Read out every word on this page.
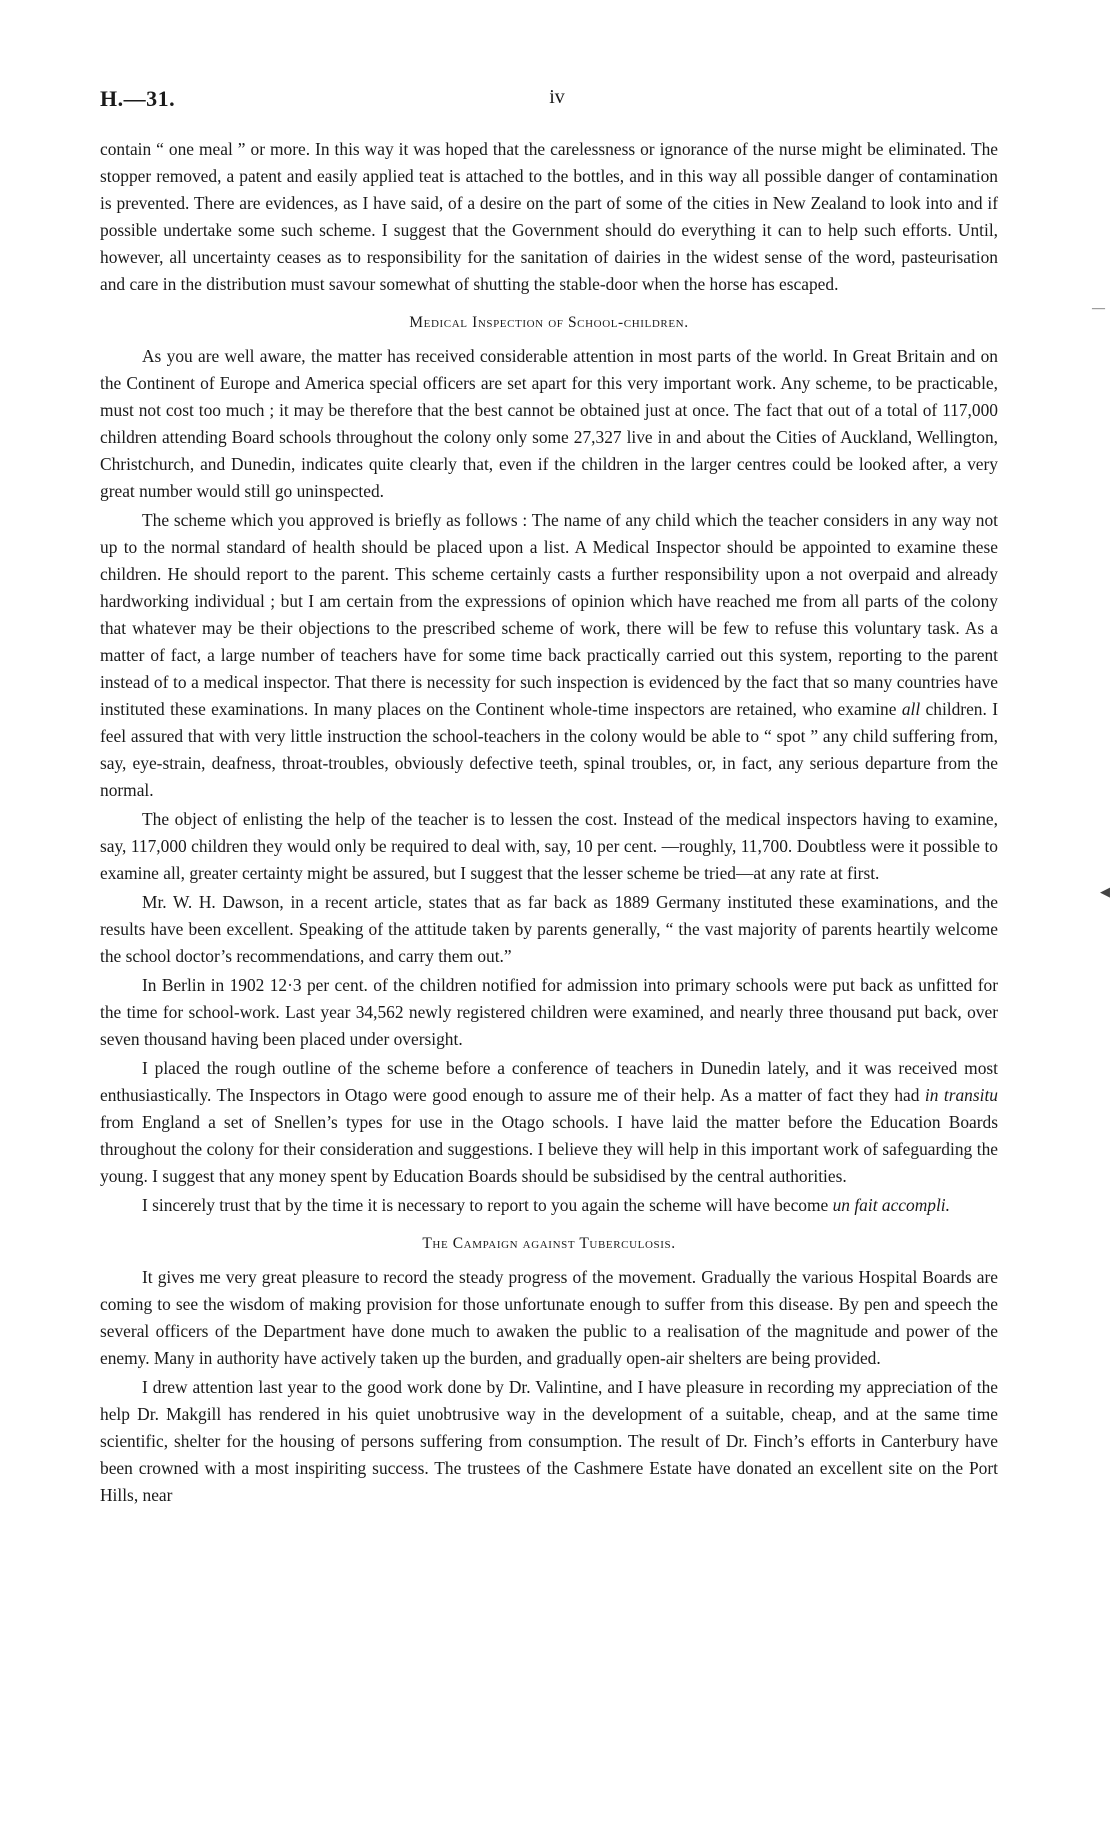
H.—31.	iv

contain “ one meal ” or more. In this way it was hoped that the carelessness or ignorance of the nurse might be eliminated. The stopper removed, a patent and easily applied teat is attached to the bottles, and in this way all possible danger of contamination is prevented. There are evidences, as I have said, of a desire on the part of some of the cities in New Zealand to look into and if possible undertake some such scheme. I suggest that the Government should do everything it can to help such efforts. Until, however, all uncertainty ceases as to responsibility for the sanitation of dairies in the widest sense of the word, pasteurisation and care in the distribution must savour somewhat of shutting the stable-door when the horse has escaped.

Medical Inspection of School-children.

As you are well aware, the matter has received considerable attention in most parts of the world. In Great Britain and on the Continent of Europe and America special officers are set apart for this very important work. Any scheme, to be practicable, must not cost too much ; it may be therefore that the best cannot be obtained just at once. The fact that out of a total of 117,000 children attending Board schools throughout the colony only some 27,327 live in and about the Cities of Auckland, Wellington, Christchurch, and Dunedin, indicates quite clearly that, even if the children in the larger centres could be looked after, a very great number would still go uninspected.

The scheme which you approved is briefly as follows : The name of any child which the teacher considers in any way not up to the normal standard of health should be placed upon a list. A Medical Inspector should be appointed to examine these children. He should report to the parent. This scheme certainly casts a further responsibility upon a not overpaid and already hardworking individual ; but I am certain from the expressions of opinion which have reached me from all parts of the colony that whatever may be their objections to the prescribed scheme of work, there will be few to refuse this voluntary task. As a matter of fact, a large number of teachers have for some time back practically carried out this system, reporting to the parent instead of to a medical inspector. That there is necessity for such inspection is evidenced by the fact that so many countries have instituted these examinations. In many places on the Continent whole-time inspectors are retained, who examine all children. I feel assured that with very little instruction the school-teachers in the colony would be able to “ spot ” any child suffering from, say, eye-strain, deafness, throat-troubles, obviously defective teeth, spinal troubles, or, in fact, any serious departure from the normal.

The object of enlisting the help of the teacher is to lessen the cost. Instead of the medical inspectors having to examine, say, 117,000 children they would only be required to deal with, say, 10 per cent. —roughly, 11,700. Doubtless were it possible to examine all, greater certainty might be assured, but I suggest that the lesser scheme be tried—at any rate at first.

Mr. W. H. Dawson, in a recent article, states that as far back as 1889 Germany instituted these examinations, and the results have been excellent. Speaking of the attitude taken by parents generally, “ the vast majority of parents heartily welcome the school doctor’s recommendations, and carry them out.”

In Berlin in 1902 12·3 per cent. of the children notified for admission into primary schools were put back as unfitted for the time for school-work. Last year 34,562 newly registered children were examined, and nearly three thousand put back, over seven thousand having been placed under oversight.

I placed the rough outline of the scheme before a conference of teachers in Dunedin lately, and it was received most enthusiastically. The Inspectors in Otago were good enough to assure me of their help. As a matter of fact they had in transitu from England a set of Snellen’s types for use in the Otago schools. I have laid the matter before the Education Boards throughout the colony for their consideration and suggestions. I believe they will help in this important work of safeguarding the young. I suggest that any money spent by Education Boards should be subsidised by the central authorities.

I sincerely trust that by the time it is necessary to report to you again the scheme will have become un fait accompli.

The Campaign against Tuberculosis.

It gives me very great pleasure to record the steady progress of the movement. Gradually the various Hospital Boards are coming to see the wisdom of making provision for those unfortunate enough to suffer from this disease. By pen and speech the several officers of the Department have done much to awaken the public to a realisation of the magnitude and power of the enemy. Many in authority have actively taken up the burden, and gradually open-air shelters are being provided.

I drew attention last year to the good work done by Dr. Valintine, and I have pleasure in recording my appreciation of the help Dr. Makgill has rendered in his quiet unobtrusive way in the development of a suitable, cheap, and at the same time scientific, shelter for the housing of persons suffering from consumption. The result of Dr. Finch’s efforts in Canterbury have been crowned with a most inspiriting success. The trustees of the Cashmere Estate have donated an excellent site on the Port Hills, near

—
◀
